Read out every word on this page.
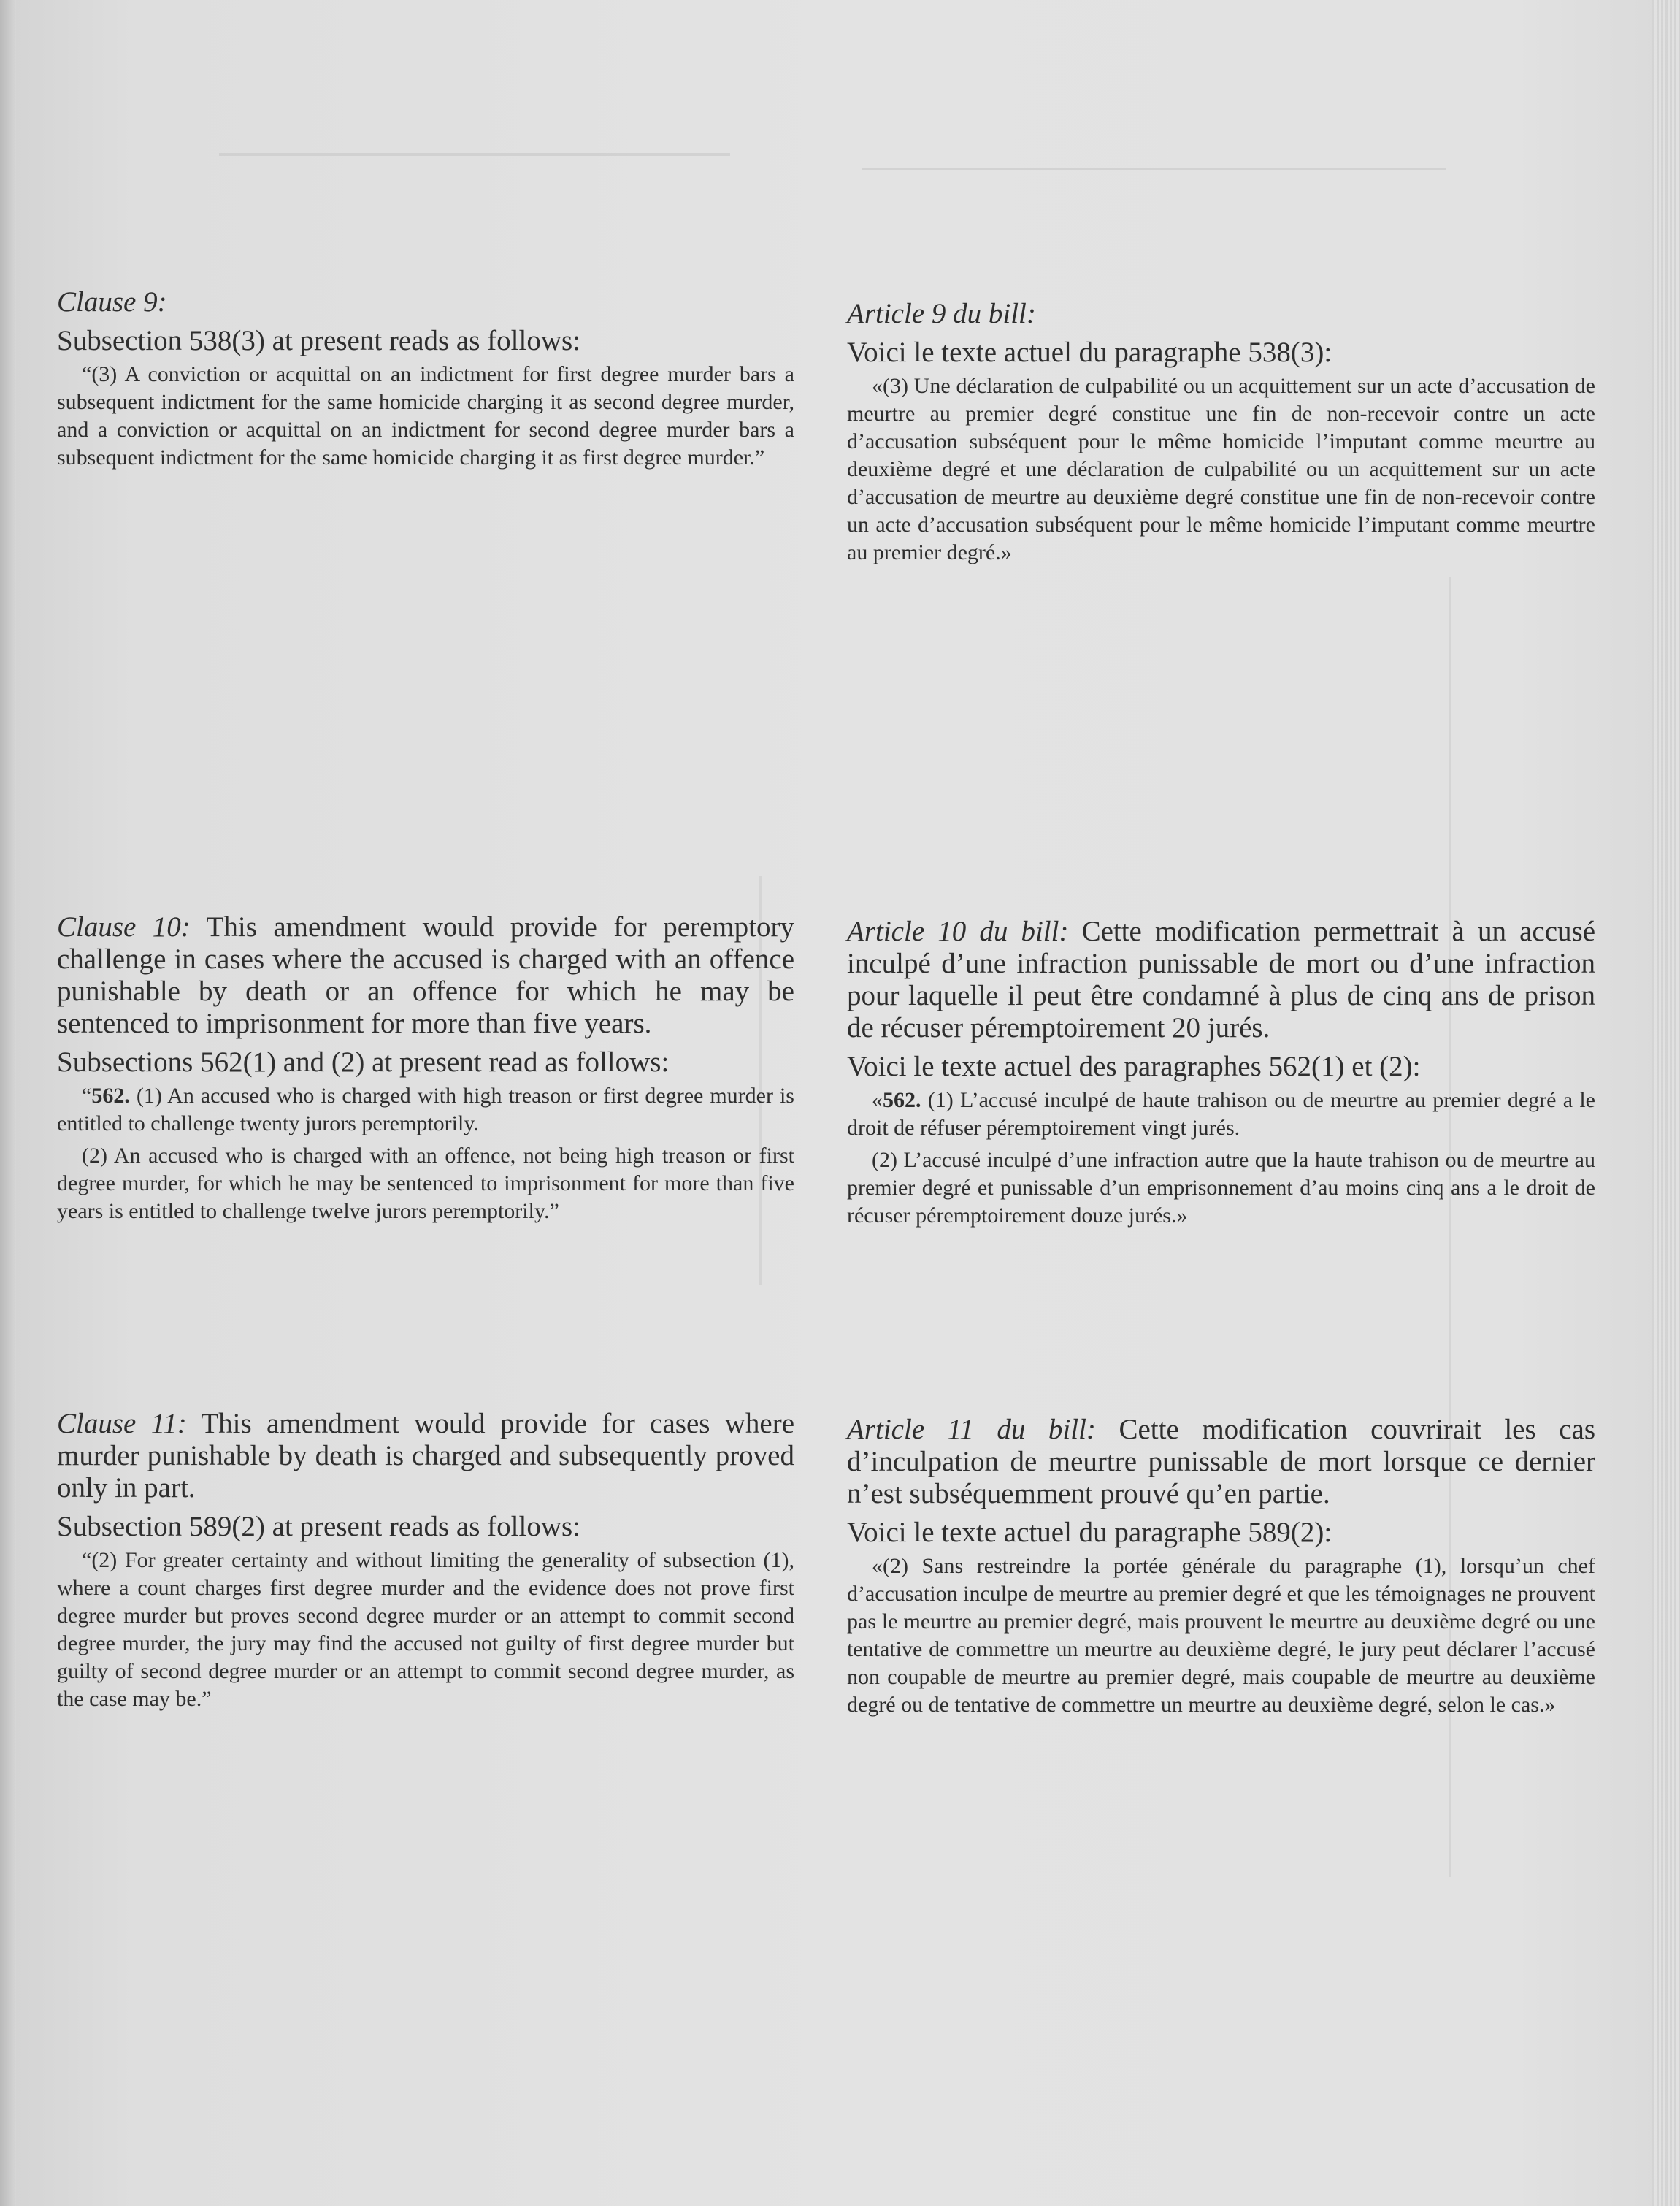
Clause 9:
Subsection 538(3) at present reads as follows:

“(3) A conviction or acquittal on an indictment for first degree murder bars a subsequent indictment for the same homicide charging it as second degree murder, and a conviction or acquittal on an indictment for second degree murder bars a subsequent indictment for the same homicide charging it as first degree murder.”

Clause 10: This amendment would provide for peremptory challenge in cases where the accused is charged with an offence punishable by death or an offence for which he may be sentenced to imprisonment for more than five years.
Subsections 562(1) and (2) at present read as follows:

“562. (1) An accused who is charged with high treason or first degree murder is entitled to challenge twenty jurors peremptorily.

(2) An accused who is charged with an offence, not being high treason or first degree murder, for which he may be sentenced to imprisonment for more than five years is entitled to challenge twelve jurors peremptorily.”

Clause 11: This amendment would provide for cases where murder punishable by death is charged and subsequently proved only in part.
Subsection 589(2) at present reads as follows:

“(2) For greater certainty and without limiting the generality of subsection (1), where a count charges first degree murder and the evidence does not prove first degree murder but proves second degree murder or an attempt to commit second degree murder, the jury may find the accused not guilty of first degree murder but guilty of second degree murder or an attempt to commit second degree murder, as the case may be.”

Article 9 du bill:
Voici le texte actuel du paragraphe 538(3):

«(3) Une déclaration de culpabilité ou un acquittement sur un acte d’accusation de meurtre au premier degré constitue une fin de non-recevoir contre un acte d’accusation subséquent pour le même homicide l’imputant comme meurtre au deuxième degré et une déclaration de culpabilité ou un acquittement sur un acte d’accusation de meurtre au deuxième degré constitue une fin de non-recevoir contre un acte d’accusation subséquent pour le même homicide l’imputant comme meurtre au premier degré.»

Article 10 du bill: Cette modification permettrait à un accusé inculpé d’une infraction punissable de mort ou d’une infraction pour laquelle il peut être condamné à plus de cinq ans de prison de récuser péremptoirement 20 jurés.
Voici le texte actuel des paragraphes 562(1) et (2):

«562. (1) L’accusé inculpé de haute trahison ou de meurtre au premier degré a le droit de réfuser péremptoirement vingt jurés.

(2) L’accusé inculpé d’une infraction autre que la haute trahison ou de meurtre au premier degré et punissable d’un emprisonnement d’au moins cinq ans a le droit de récuser péremptoirement douze jurés.»

Article 11 du bill: Cette modification couvrirait les cas d’inculpation de meurtre punissable de mort lorsque ce dernier n’est subséquemment prouvé qu’en partie.
Voici le texte actuel du paragraphe 589(2):

«(2) Sans restreindre la portée générale du paragraphe (1), lorsqu’un chef d’accusation inculpe de meurtre au premier degré et que les témoignages ne prouvent pas le meurtre au premier degré, mais prouvent le meurtre au deuxième degré ou une tentative de commettre un meurtre au deuxième degré, le jury peut déclarer l’accusé non coupable de meurtre au premier degré, mais coupable de meurtre au deuxième degré ou de tentative de commettre un meurtre au deuxième degré, selon le cas.»
